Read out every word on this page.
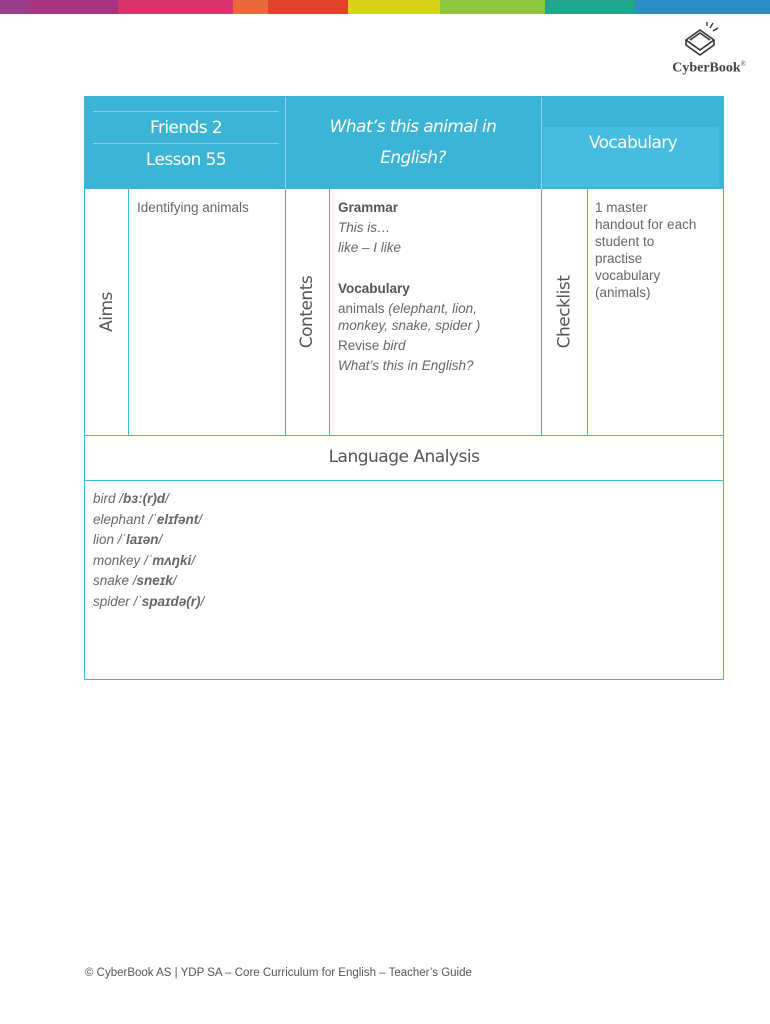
CyberBook®
Friends 2
Lesson 55
What’s this animal in
English?
Vocabulary
Aims
Identifying animals
Contents
Grammar
This is…
like – I like
Vocabulary
animals (elephant, lion,
monkey, snake, spider )
Revise bird
What’s this in English?
Checklist
1 master
handout for each
student to
practise
vocabulary
(animals)
Language Analysis
bird /bɜː(r)d/
elephant /ˈelɪfənt/
lion /ˈlaɪən/
monkey /ˈmʌŋki/
snake /sneɪk/
spider /ˈspaɪdə(r)/
© CyberBook AS | YDP SA – Core Curriculum for English – Teacher’s Guide
